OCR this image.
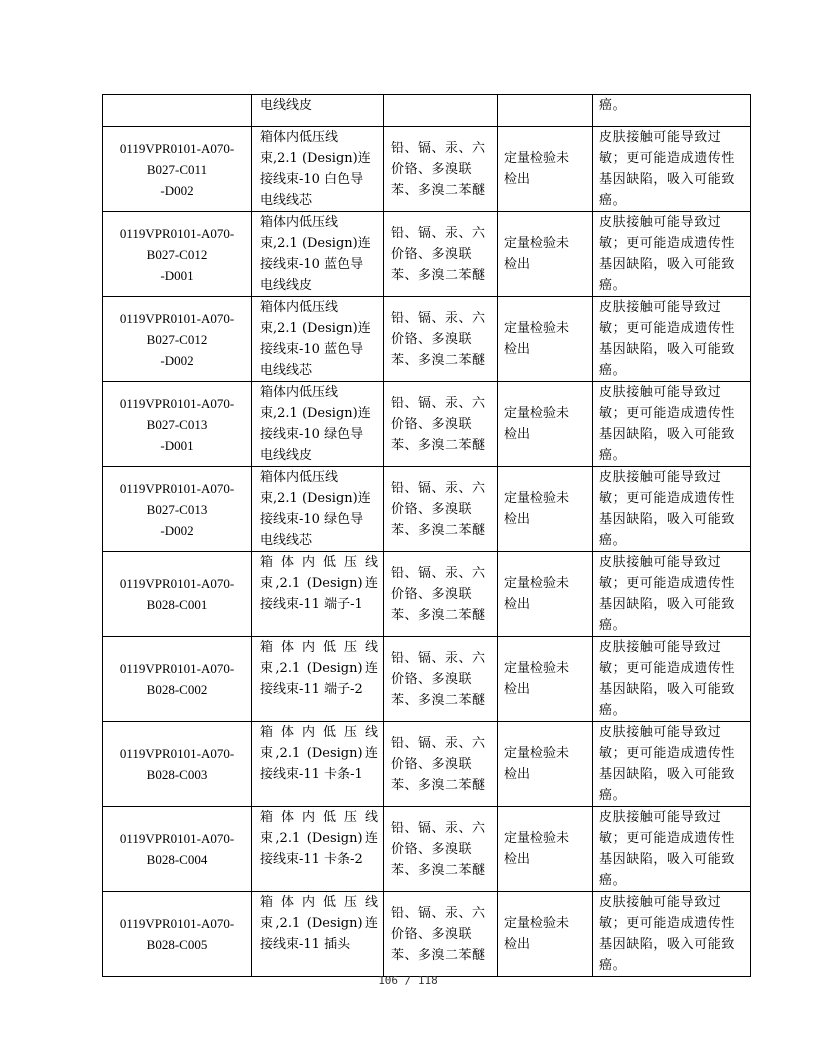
	电线线皮			癌。

0119VPR0101-A070-
B027-C011
-D002	箱体内低压线
束,2.1 (Design)连
接线束-10 白色导
电线线芯	铅、镉、汞、六
价铬、多溴联
苯、多溴二苯醚	定量检验未
检出	皮肤接触可能导致过
敏；更可能造成遗传性
基因缺陷，吸入可能致
癌。

0119VPR0101-A070-
B027-C012
-D001	箱体内低压线
束,2.1 (Design)连
接线束-10 蓝色导
电线线皮	铅、镉、汞、六
价铬、多溴联
苯、多溴二苯醚	定量检验未
检出	皮肤接触可能导致过
敏；更可能造成遗传性
基因缺陷，吸入可能致
癌。

0119VPR0101-A070-
B027-C012
-D002	箱体内低压线
束,2.1 (Design)连
接线束-10 蓝色导
电线线芯	铅、镉、汞、六
价铬、多溴联
苯、多溴二苯醚	定量检验未
检出	皮肤接触可能导致过
敏；更可能造成遗传性
基因缺陷，吸入可能致
癌。

0119VPR0101-A070-
B027-C013
-D001	箱体内低压线
束,2.1 (Design)连
接线束-10 绿色导
电线线皮	铅、镉、汞、六
价铬、多溴联
苯、多溴二苯醚	定量检验未
检出	皮肤接触可能导致过
敏；更可能造成遗传性
基因缺陷，吸入可能致
癌。

0119VPR0101-A070-
B027-C013
-D002	箱体内低压线
束,2.1 (Design)连
接线束-10 绿色导
电线线芯	铅、镉、汞、六
价铬、多溴联
苯、多溴二苯醚	定量检验未
检出	皮肤接触可能导致过
敏；更可能造成遗传性
基因缺陷，吸入可能致
癌。

0119VPR0101-A070-
B028-C001	箱体内低压线
束,2.1 (Design)连
接线束-11 端子-1	铅、镉、汞、六
价铬、多溴联
苯、多溴二苯醚	定量检验未
检出	皮肤接触可能导致过
敏；更可能造成遗传性
基因缺陷，吸入可能致
癌。

0119VPR0101-A070-
B028-C002	箱体内低压线
束,2.1 (Design)连
接线束-11 端子-2	铅、镉、汞、六
价铬、多溴联
苯、多溴二苯醚	定量检验未
检出	皮肤接触可能导致过
敏；更可能造成遗传性
基因缺陷，吸入可能致
癌。

0119VPR0101-A070-
B028-C003	箱体内低压线
束,2.1 (Design)连
接线束-11 卡条-1	铅、镉、汞、六
价铬、多溴联
苯、多溴二苯醚	定量检验未
检出	皮肤接触可能导致过
敏；更可能造成遗传性
基因缺陷，吸入可能致
癌。

0119VPR0101-A070-
B028-C004	箱体内低压线
束,2.1 (Design)连
接线束-11 卡条-2	铅、镉、汞、六
价铬、多溴联
苯、多溴二苯醚	定量检验未
检出	皮肤接触可能导致过
敏；更可能造成遗传性
基因缺陷，吸入可能致
癌。

0119VPR0101-A070-
B028-C005	箱体内低压线
束,2.1 (Design)连
接线束-11 插头	铅、镉、汞、六
价铬、多溴联
苯、多溴二苯醚	定量检验未
检出	皮肤接触可能导致过
敏；更可能造成遗传性
基因缺陷，吸入可能致
癌。
106 / 118
